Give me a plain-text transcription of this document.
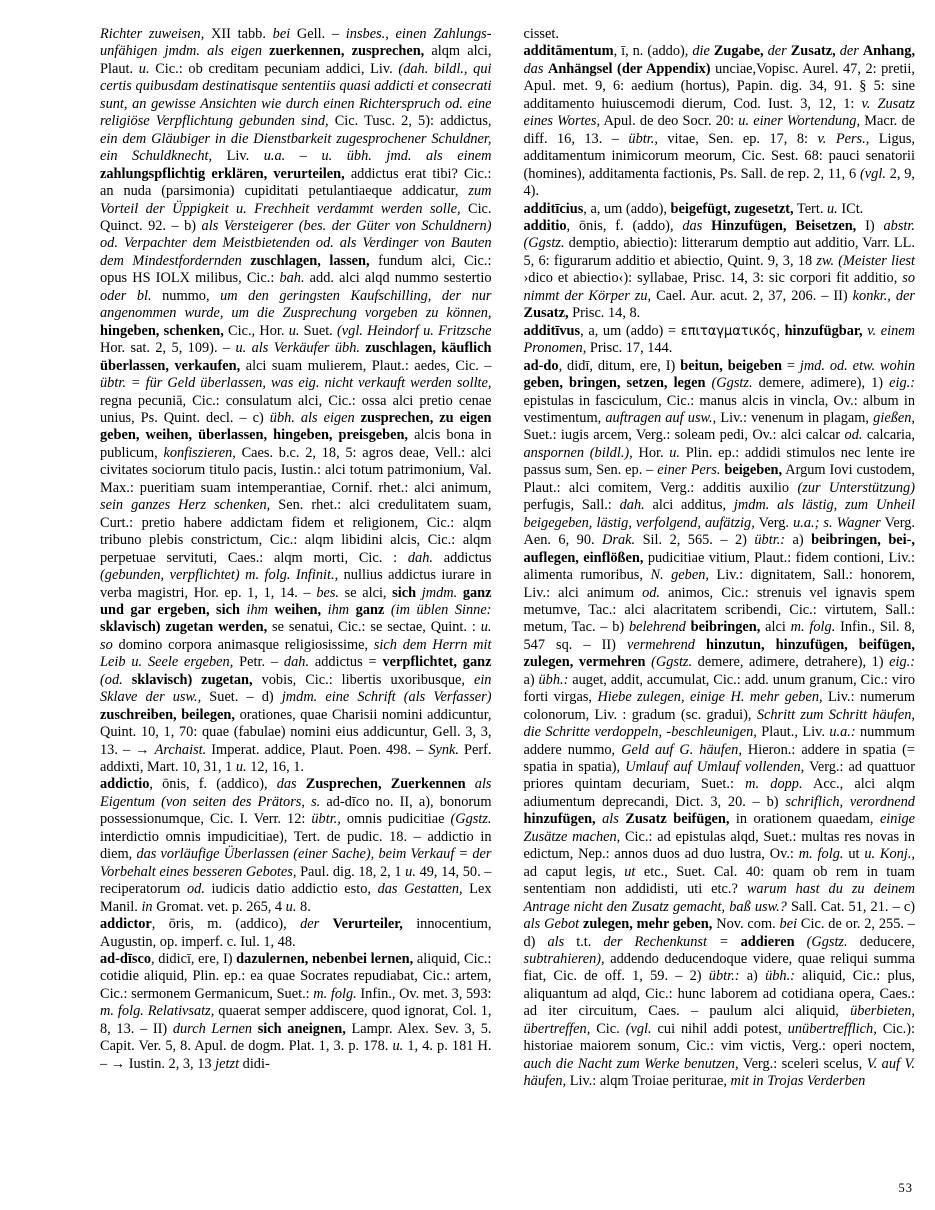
Richter zuweisen, XII tabb. bei Gell. – insbes., einen Zahlungs-unfähigen jmdm. als eigen zuerkennen, zusprechen, alqm alci, Plaut. u. Cic.: ob creditam pecuniam addici, Liv. (dah. bildl., qui certis quibusdam destinatisque sententiis quasi addicti et consecrati sunt, an gewisse Ansichten wie durch einen Richterspruch od. eine religiöse Verpflichtung gebunden sind, Cic. Tusc. 2, 5): addictus, ein dem Gläubiger in die Dienstbarkeit zugesprochener Schuldner, ein Schuldknecht, Liv. u.a. – u. übh. jmd. als einem zahlungspflichtig erklären, verurteilen, addictus erat tibi? Cic.: an nuda (parsimonia) cupiditati petulantiaeque addicatur, zum Vorteil der Üppigkeit u. Frechheit verdammt werden solle, Cic. Quinct. 92. – b) als Versteigerer (bes. der Güter von Schuldnern) od. Verpachter dem Meistbietenden od. als Verdinger von Bauten dem Mindestfordernden zuschlagen, lassen, fundum alci, Cic.: opus HS IOLX milibus, Cic.: bah. add. alci alqd nummo sestertio oder bl. nummo, um den geringsten Kaufschilling, der nur angenommen wurde, um die Zusprechung vorgeben zu können, hingeben, schenken, Cic., Hor. u. Suet. (vgl. Heindorf u. Fritzsche Hor. sat. 2, 5, 109). – u. als Verkäufer übh. zuschlagen, käuflich überlassen, verkaufen, alci suam mulierem, Plaut.: aedes, Cic. – übtr. = für Geld überlassen, was eig. nicht verkauft werden sollte, regna pecuniā, Cic.: consulatum alci, Cic.: ossa alci pretio cenae unius, Ps. Quint. decl. – c) übh. als eigen zusprechen, zu eigen geben, weihen, überlassen, hingeben, preisgeben, alcis bona in publicum, konfiszieren, Caes. b.c. 2, 18, 5: agros deae, Vell.: alci civitates sociorum titulo pacis, Iustin.: alci totum patrimonium, Val. Max.: pueritiam suam intemperantiae, Cornif. rhet.: alci animum, sein ganzes Herz schenken, Sen. rhet.: alci credulitatem suam, Curt.: pretio habere addictam fidem et religionem, Cic.: alqm tribuno plebis constrictum, Cic.: alqm libidini alcis, Cic.: alqm perpetuae servituti, Caes.: alqm morti, Cic. : dah. addictus (gebunden, verpflichtet) m. folg. Infinit., nullius addictus iurare in verba magistri, Hor. ep. 1, 1, 14. – bes. se alci, sich jmdm. ganz und gar ergeben, sich ihm weihen, ihm ganz (im üblen Sinne: sklavisch) zugetan werden, se senatui, Cic.: se sectae, Quint. : u. so domino corpora animasque religiosissime, sich dem Herrn mit Leib u. Seele ergeben, Petr. – dah. addictus = verpflichtet, ganz (od. sklavisch) zugetan, vobis, Cic.: libertis uxoribusque, ein Sklave der usw., Suet. – d) jmdm. eine Schrift (als Verfasser) zuschreiben, beilegen, orationes, quae Charisii nomini addicuntur, Quint. 10, 1, 70: quae (fabulae) nomini eius addicuntur, Gell. 3, 3, 13. – → Archaist. Imperat. addice, Plaut. Poen. 498. – Synk. Perf. addixti, Mart. 10, 31, 1 u. 12, 16, 1.

addictio, ōnis, f. (addico), das Zusprechen, Zuerkennen als Eigentum (von seiten des Prätors, s. ad-dīco no. II, a), bonorum possessionumque, Cic. I. Verr. 12: übtr., omnis pudicitiae (Ggstz. interdictio omnis impudicitiae), Tert. de pudic. 18. – addictio in diem, das vorläufige Überlassen (einer Sache), beim Verkauf = der Vorbehalt eines besseren Gebotes, Paul. dig. 18, 2, 1 u. 49, 14, 50. – reciperatorum od. iudicis datio addictio esto, das Gestatten, Lex Manil. in Gromat. vet. p. 265, 4 u. 8.

addictor, ōris, m. (addico), der Verurteiler, innocentium, Augustin, op. imperf. c. Iul. 1, 48.

ad-dīsco, didicī, ere, I) dazulernen, nebenbei lernen, aliquid, Cic.: cotidie aliquid, Plin. ep.: ea quae Socrates repudiabat, Cic.: artem, Cic.: sermonem Germanicum, Suet.: m. folg. Infin., Ov. met. 3, 593: m. folg. Relativsatz, quaerat semper addiscere, quod ignorat, Col. 1, 8, 13. – II) durch Lernen sich aneignen, Lampr. Alex. Sev. 3, 5. Capit. Ver. 5, 8. Apul. de dogm. Plat. 1, 3. p. 178. u. 1, 4. p. 181 H. – → Iustin. 2, 3, 13 jetzt didi-

cisset.

additāmentum, ī, n. (addo), die Zugabe, der Zusatz, der Anhang, das Anhängsel (der Appendix) unciae,Vopisc. Aurel. 47, 2: pretii, Apul. met. 9, 6: aedium (hortus), Papin. dig. 34, 91. § 5: sine additamento huiuscemodi dierum, Cod. Iust. 3, 12, 1: v. Zusatz eines Wortes, Apul. de deo Socr. 20: u. einer Wortendung, Macr. de diff. 16, 13. – übtr., vitae, Sen. ep. 17, 8: v. Pers., Ligus, additamentum inimicorum meorum, Cic. Sest. 68: pauci senatorii (homines), additamenta factionis, Ps. Sall. de rep. 2, 11, 6 (vgl. 2, 9, 4).

additīcius, a, um (addo), beigefügt, zugesetzt, Tert. u. ICt.

additio, ōnis, f. (addo), das Hinzufügen, Beisetzen, I) abstr. (Ggstz. demptio, abiectio): litterarum demptio aut additio, Varr. LL. 5, 6: figurarum additio et abiectio, Quint. 9, 3, 18 zw. (Meister liest ›dico et abiectio‹): syllabae, Prisc. 14, 3: sic corpori fit additio, so nimmt der Körper zu, Cael. Aur. acut. 2, 37, 206. – II) konkr., der Zusatz, Prisc. 14, 8.

additīvus, a, um (addo) = επιταγματικός, hinzufügbar, v. einem Pronomen, Prisc. 17, 144.

ad-do, didī, ditum, ere, I) beitun, beigeben = jmd. od. etw. wohin geben, bringen, setzen, legen (Ggstz. demere, adimere), 1) eig.: epistulas in fasciculum, Cic.: manus alcis in vincla, Ov.: album in vestimentum, auftragen auf usw., Liv.: venenum in plagam, gießen, Suet.: iugis arcem, Verg.: soleam pedi, Ov.: alci calcar od. calcaria, anspornen (bildl.), Hor. u. Plin. ep.: addidi stimulos nec lente ire passus sum, Sen. ep. – einer Pers. beigeben, Argum Iovi custodem, Plaut.: alci comitem, Verg.: additis auxilio (zur Unterstützung) perfugis, Sall.: dah. alci additus, jmdm. als lästig, zum Unheil beigegeben, lästig, verfolgend, aufätzig, Verg. u.a.; s. Wagner Verg. Aen. 6, 90. Drak. Sil. 2, 565. – 2) übtr.: a) beibringen, bei-, auflegen, einflößen, pudicitiae vitium, Plaut.: fidem contioni, Liv.: alimenta rumoribus, N. geben, Liv.: dignitatem, Sall.: honorem, Liv.: alci animum od. animos, Cic.: strenuis vel ignavis spem metumve, Tac.: alci alacritatem scribendi, Cic.: virtutem, Sall.: metum, Tac. – b) belehrend beibringen, alci m. folg. Infin., Sil. 8, 547 sq. – II) vermehrend hinzutun, hinzufügen, beifügen, zulegen, vermehren (Ggstz. demere, adimere, detrahere), 1) eig.: a) übh.: auget, addit, accumulat, Cic.: add. unum granum, Cic.: viro forti virgas, Hiebe zulegen, einige H. mehr geben, Liv.: numerum colonorum, Liv. : gradum (sc. gradui), Schritt zum Schritt häufen, die Schritte verdoppeln, -beschleunigen, Plaut., Liv. u.a.: nummum addere nummo, Geld auf G. häufen, Hieron.: addere in spatia (= spatia in spatia), Umlauf auf Umlauf vollenden, Verg.: ad quattuor priores quintam decuriam, Suet.: m. dopp. Acc., alci alqm adiumentum deprecandi, Dict. 3, 20. – b) schriflich, verordnend hinzufügen, als Zusatz beifügen, in orationem quaedam, einige Zusätze machen, Cic.: ad epistulas alqd, Suet.: multas res novas in edictum, Nep.: annos duos ad duo lustra, Ov.: m. folg. ut u. Konj., ad caput legis, ut etc., Suet. Cal. 40: quam ob rem in tuam sententiam non addidisti, uti etc.? warum hast du zu deinem Antrage nicht den Zusatz gemacht, baß usw.? Sall. Cat. 51, 21. – c) als Gebot zulegen, mehr geben, Nov. com. bei Cic. de or. 2, 255. – d) als t.t. der Rechenkunst = addieren (Ggstz. deducere, subtrahieren), addendo deducendoque videre, quae reliqui summa fiat, Cic. de off. 1, 59. – 2) übtr.: a) übh.: aliquid, Cic.: plus, aliquantum ad alqd, Cic.: hunc laborem ad cotidiana opera, Caes.: ad iter circuitum, Caes. – paulum alci aliquid, überbieten, übertreffen, Cic. (vgl. cui nihil addi potest, unübertrefflich, Cic.): historiae maiorem sonum, Cic.: vim victis, Verg.: operi noctem, auch die Nacht zum Werke benutzen, Verg.: sceleri scelus, V. auf V. häufen, Liv.: alqm Troiae periturae, mit in Trojas Verderben

53
